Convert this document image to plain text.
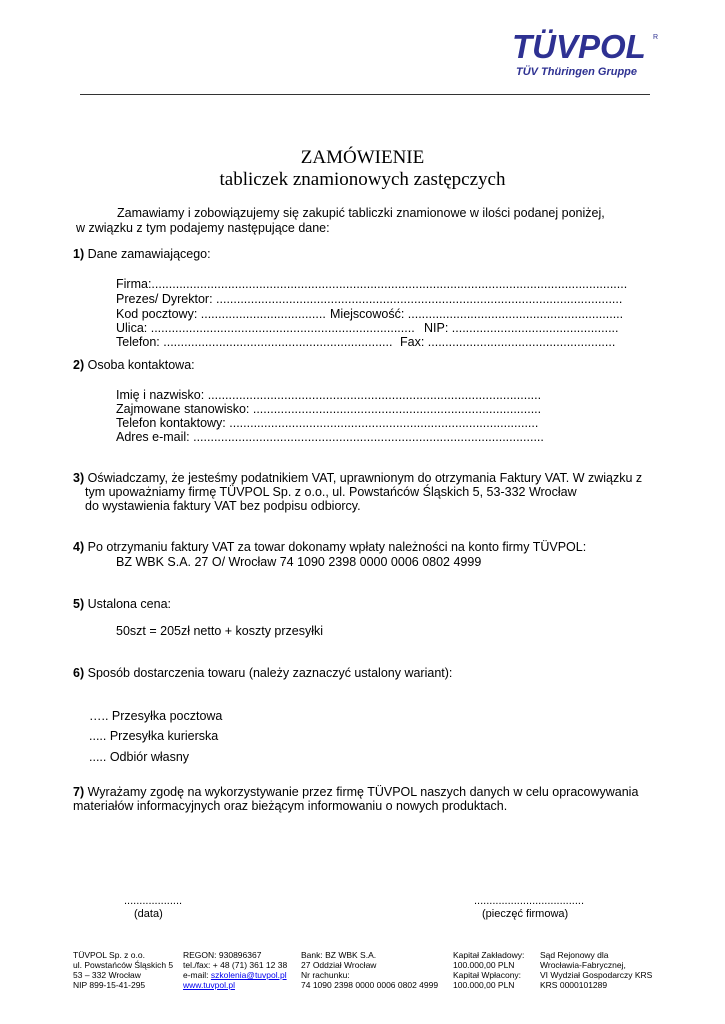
TÜVPOL R
TÜV Thüringen Gruppe
ZAMÓWIENIE
tabliczek znamionowych zastępczych
Zamawiamy i zobowiązujemy się zakupić tabliczki znamionowe w ilości podanej poniżej,
w związku z tym podajemy następujące dane:
1) Dane zamawiającego:
Firma:.........................................................................................................................................
Prezes/ Dyrektor: .....................................................................................................................
Kod pocztowy: .................................... Miejscowość: ..............................................................
Ulica: ............................................................................ NIP: ................................................
Telefon: .................................................................. Fax: ......................................................
2) Osoba kontaktowa:
Imię i nazwisko: ................................................................................................
Zajmowane stanowisko: ...................................................................................
Telefon kontaktowy: .........................................................................................
Adres e-mail: .....................................................................................................
3) Oświadczamy, że jesteśmy podatnikiem VAT, uprawnionym do otrzymania Faktury VAT. W związku z
tym upoważniamy firmę TÜVPOL Sp. z o.o., ul. Powstańców Śląskich 5, 53-332 Wrocław
do wystawienia faktury VAT bez podpisu odbiorcy.
4) Po otrzymaniu faktury VAT za towar dokonamy wpłaty należności na konto firmy TÜVPOL:
BZ WBK S.A. 27 O/ Wrocław 74 1090 2398 0000 0006 0802 4999
5) Ustalona cena:
50szt = 205zł netto + koszty przesyłki
6) Sposób dostarczenia towaru (należy zaznaczyć ustalony wariant):
….. Przesyłka pocztowa
..... Przesyłka kurierska
..... Odbiór własny
7) Wyrażamy zgodę na wykorzystywanie przez firmę TÜVPOL naszych danych w celu opracowywania
materiałów informacyjnych oraz bieżącym informowaniu o nowych produktach.
...................
(data)
....................................
(pieczęć firmowa)
TÜVPOL Sp. z o.o.
ul. Powstańców Śląskich 5
53 – 332 Wrocław
NIP 899-15-41-295
REGON: 930896367
tel./fax: + 48 (71) 361 12 38
e-mail: szkolenia@tuvpol.pl
www.tuvpol.pl
Bank: BZ WBK S.A.
27 Oddział Wrocław
Nr rachunku:
74 1090 2398 0000 0006 0802 4999
Kapitał Zakładowy:
100.000,00 PLN
Kapitał Wpłacony:
100.000,00 PLN
Sąd Rejonowy dla
Wrocławia-Fabrycznej,
VI Wydział Gospodarczy KRS
KRS 0000101289
